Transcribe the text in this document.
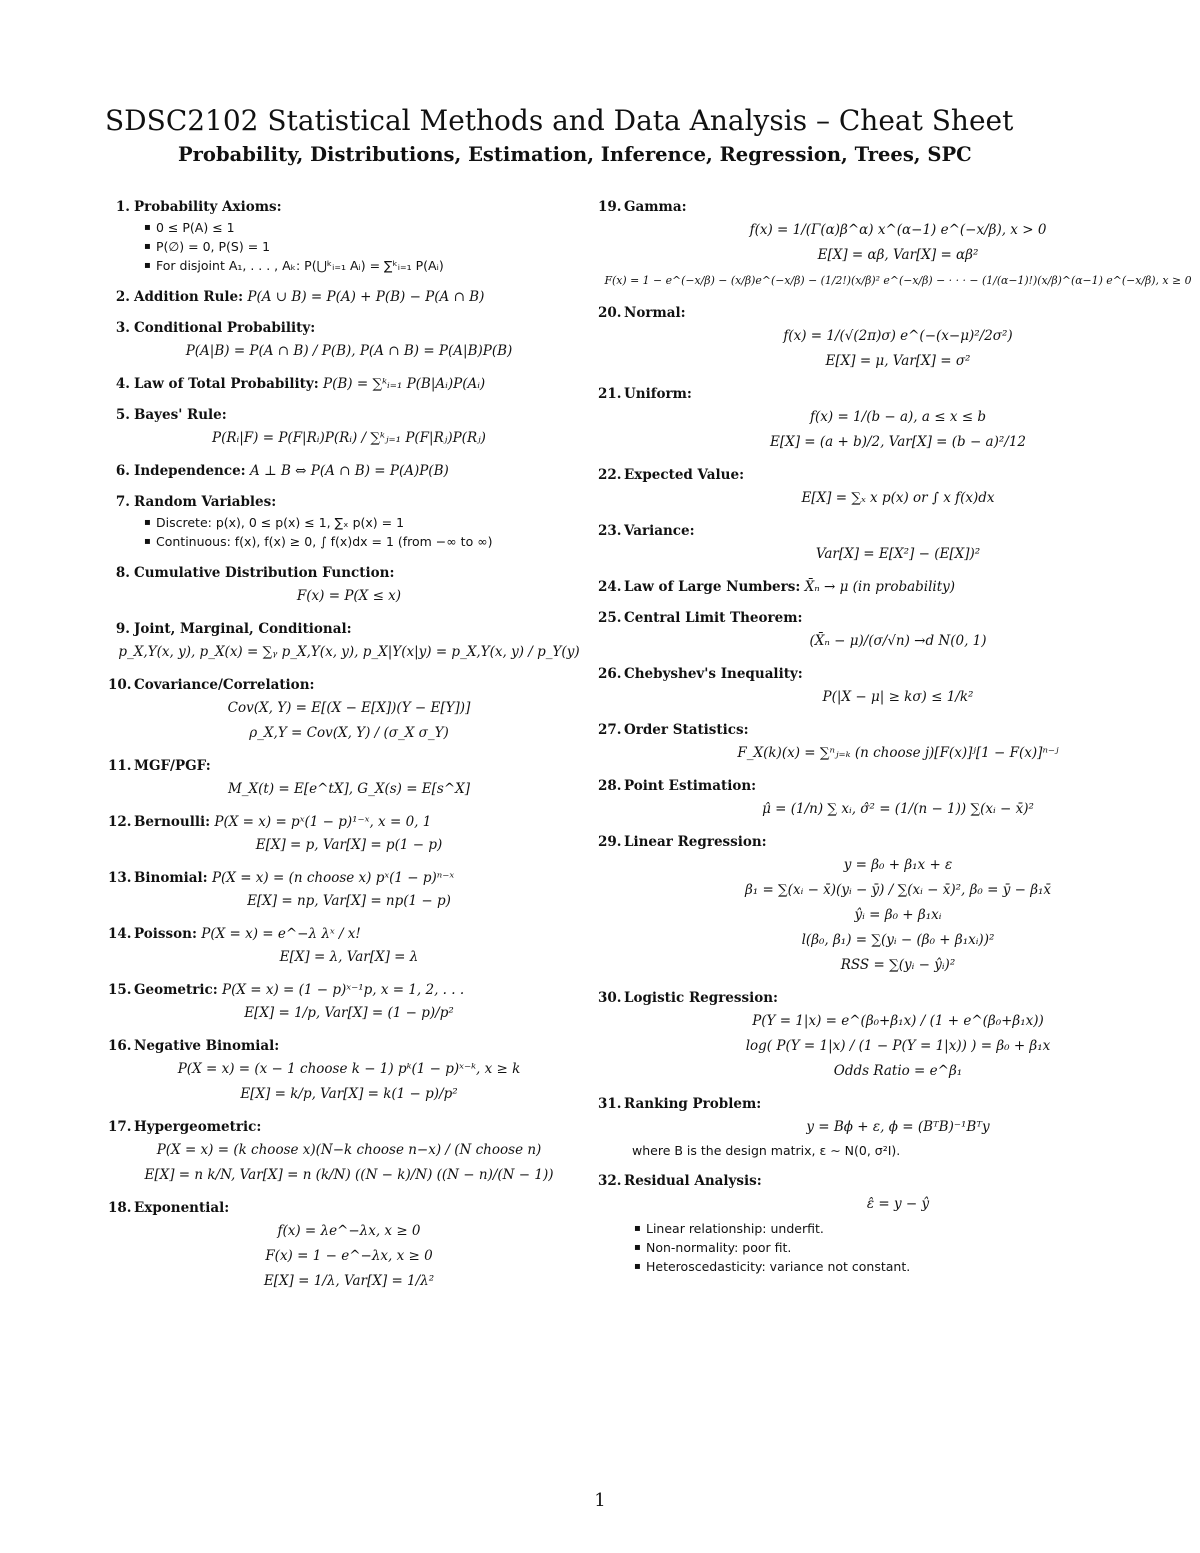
SDSC2102 Statistical Methods and Data Analysis – Cheat Sheet
Probability, Distributions, Estimation, Inference, Regression, Trees, SPC
1. Probability Axioms:
▪ 0 ≤ P(A) ≤ 1
▪ P(∅) = 0, P(S) = 1
▪ For disjoint A₁, . . . , Aₖ: P(⋃ᵏᵢ₌₁ Aᵢ) = ∑ᵏᵢ₌₁ P(Aᵢ)
2. Addition Rule: P(A ∪ B) = P(A) + P(B) − P(A ∩ B)
3. Conditional Probability:
P(A|B) = P(A ∩ B) / P(B), P(A ∩ B) = P(A|B)P(B)
4. Law of Total Probability: P(B) = ∑ᵏᵢ₌₁ P(B|Aᵢ)P(Aᵢ)
5. Bayes' Rule:
P(Rᵢ|F) = P(F|Rᵢ)P(Rᵢ) / ∑ᵏⱼ₌₁ P(F|Rⱼ)P(Rⱼ)
6. Independence: A ⊥ B ⇔ P(A ∩ B) = P(A)P(B)
7. Random Variables:
▪ Discrete: p(x), 0 ≤ p(x) ≤ 1, ∑ₓ p(x) = 1
▪ Continuous: f(x), f(x) ≥ 0, ∫ f(x)dx = 1 (from −∞ to ∞)
8. Cumulative Distribution Function:
F(x) = P(X ≤ x)
9. Joint, Marginal, Conditional:
p_X,Y(x, y), p_X(x) = ∑ᵧ p_X,Y(x, y), p_X|Y(x|y) = p_X,Y(x, y) / p_Y(y)
10. Covariance/Correlation:
Cov(X, Y) = E[(X − E[X])(Y − E[Y])]
ρ_X,Y = Cov(X, Y) / (σ_X σ_Y)
11. MGF/PGF:
M_X(t) = E[e^tX], G_X(s) = E[s^X]
12. Bernoulli: P(X = x) = pˣ(1 − p)¹⁻ˣ, x = 0, 1
E[X] = p, Var[X] = p(1 − p)
13. Binomial: P(X = x) = (n choose x) pˣ(1 − p)ⁿ⁻ˣ
E[X] = np, Var[X] = np(1 − p)
14. Poisson: P(X = x) = e^−λ λˣ / x!
E[X] = λ, Var[X] = λ
15. Geometric: P(X = x) = (1 − p)ˣ⁻¹p, x = 1, 2, . . .
E[X] = 1/p, Var[X] = (1 − p)/p²
16. Negative Binomial:
P(X = x) = (x − 1 choose k − 1) pᵏ(1 − p)ˣ⁻ᵏ, x ≥ k
E[X] = k/p, Var[X] = k(1 − p)/p²
17. Hypergeometric:
P(X = x) = (k choose x)(N−k choose n−x) / (N choose n)
E[X] = n k/N, Var[X] = n (k/N) ((N − k)/N) ((N − n)/(N − 1))
18. Exponential:
f(x) = λe^−λx, x ≥ 0
F(x) = 1 − e^−λx, x ≥ 0
E[X] = 1/λ, Var[X] = 1/λ²
19. Gamma:
f(x) = 1/(Γ(α)β^α) x^(α−1) e^(−x/β), x > 0
E[X] = αβ, Var[X] = αβ²
F(x) = 1 − e^(−x/β) − (x/β)e^(−x/β) − (1/2!)(x/β)² e^(−x/β) − · · · − (1/(α−1)!)(x/β)^(α−1) e^(−x/β), x ≥ 0
20. Normal:
f(x) = 1/(√(2π)σ) e^(−(x−μ)²/2σ²)
E[X] = μ, Var[X] = σ²
21. Uniform:
f(x) = 1/(b − a), a ≤ x ≤ b
E[X] = (a + b)/2, Var[X] = (b − a)²/12
22. Expected Value:
E[X] = ∑ₓ x p(x) or ∫ x f(x)dx
23. Variance:
Var[X] = E[X²] − (E[X])²
24. Law of Large Numbers: X̄ₙ → μ (in probability)
25. Central Limit Theorem:
(X̄ₙ − μ)/(σ/√n) →d N(0, 1)
26. Chebyshev's Inequality:
P(|X − μ| ≥ kσ) ≤ 1/k²
27. Order Statistics:
F_X(k)(x) = ∑ⁿⱼ₌ₖ (n choose j)[F(x)]ʲ[1 − F(x)]ⁿ⁻ʲ
28. Point Estimation:
μ̂ = (1/n) ∑ xᵢ, σ̂² = (1/(n − 1)) ∑(xᵢ − x̄)²
29. Linear Regression:
y = β₀ + β₁x + ε
β₁ = ∑(xᵢ − x̄)(yᵢ − ȳ) / ∑(xᵢ − x̄)², β₀ = ȳ − β₁x̄
ŷᵢ = β₀ + β₁xᵢ
l(β₀, β₁) = ∑(yᵢ − (β₀ + β₁xᵢ))²
RSS = ∑(yᵢ − ŷᵢ)²
30. Logistic Regression:
P(Y = 1|x) = e^(β₀+β₁x) / (1 + e^(β₀+β₁x))
log( P(Y = 1|x) / (1 − P(Y = 1|x)) ) = β₀ + β₁x
Odds Ratio = e^β₁
31. Ranking Problem:
y = Bϕ + ε, ϕ = (BᵀB)⁻¹Bᵀy
where B is the design matrix, ε ∼ N(0, σ²I).
32. Residual Analysis:
ε̂ = y − ŷ
▪ Linear relationship: underfit.
▪ Non-normality: poor fit.
▪ Heteroscedasticity: variance not constant.
1
